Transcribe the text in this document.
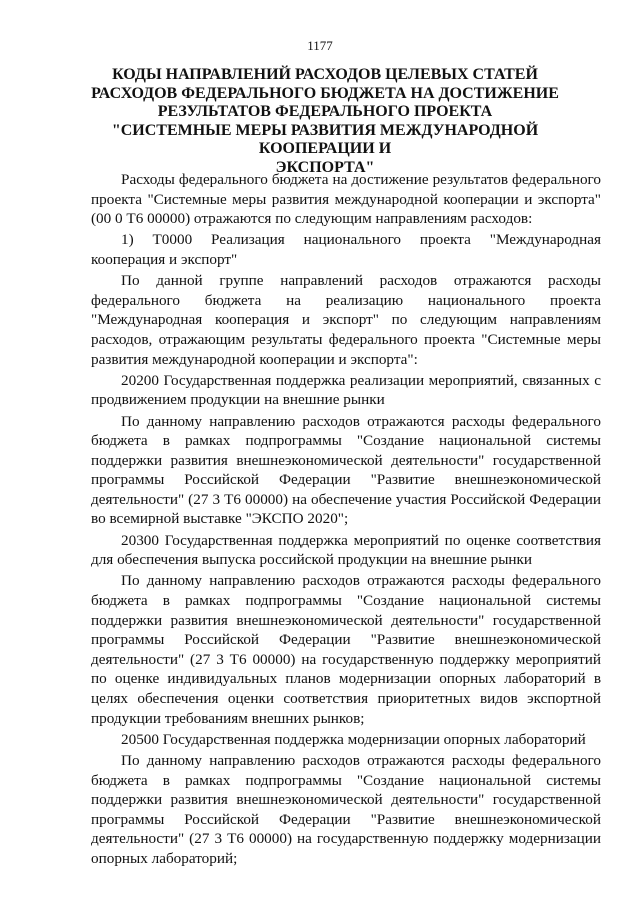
1177
КОДЫ НАПРАВЛЕНИЙ РАСХОДОВ ЦЕЛЕВЫХ СТАТЕЙ
РАСХОДОВ ФЕДЕРАЛЬНОГО БЮДЖЕТА НА ДОСТИЖЕНИЕ
РЕЗУЛЬТАТОВ ФЕДЕРАЛЬНОГО ПРОЕКТА
"СИСТЕМНЫЕ МЕРЫ РАЗВИТИЯ МЕЖДУНАРОДНОЙ КООПЕРАЦИИ И
ЭКСПОРТА"

Расходы федерального бюджета на достижение результатов федерального проекта "Системные меры развития международной кооперации и экспорта" (00 0 Т6 00000) отражаются по следующим направлениям расходов:

1) Т0000 Реализация национального проекта "Международная кооперация и экспорт"

По данной группе направлений расходов отражаются расходы федерального бюджета на реализацию национального проекта "Международная кооперация и экспорт" по следующим направлениям расходов, отражающим результаты федерального проекта "Системные меры развития международной кооперации и экспорта":

20200 Государственная поддержка реализации мероприятий, связанных с продвижением продукции на внешние рынки

По данному направлению расходов отражаются расходы федерального бюджета в рамках подпрограммы "Создание национальной системы поддержки развития внешнеэкономической деятельности" государственной программы Российской Федерации "Развитие внешнеэкономической деятельности" (27 3 Т6 00000) на обеспечение участия Российской Федерации во всемирной выставке "ЭКСПО 2020";

20300 Государственная поддержка мероприятий по оценке соответствия для обеспечения выпуска российской продукции на внешние рынки

По данному направлению расходов отражаются расходы федерального бюджета в рамках подпрограммы "Создание национальной системы поддержки развития внешнеэкономической деятельности" государственной программы Российской Федерации "Развитие внешнеэкономической деятельности" (27 3 Т6 00000) на государственную поддержку мероприятий по оценке индивидуальных планов модернизации опорных лабораторий в целях обеспечения оценки соответствия приоритетных видов экспортной продукции требованиям внешних рынков;

20500 Государственная поддержка модернизации опорных лабораторий

По данному направлению расходов отражаются расходы федерального бюджета в рамках подпрограммы "Создание национальной системы поддержки развития внешнеэкономической деятельности" государственной программы Российской Федерации "Развитие внешнеэкономической деятельности" (27 3 Т6 00000) на государственную поддержку модернизации опорных лабораторий;
